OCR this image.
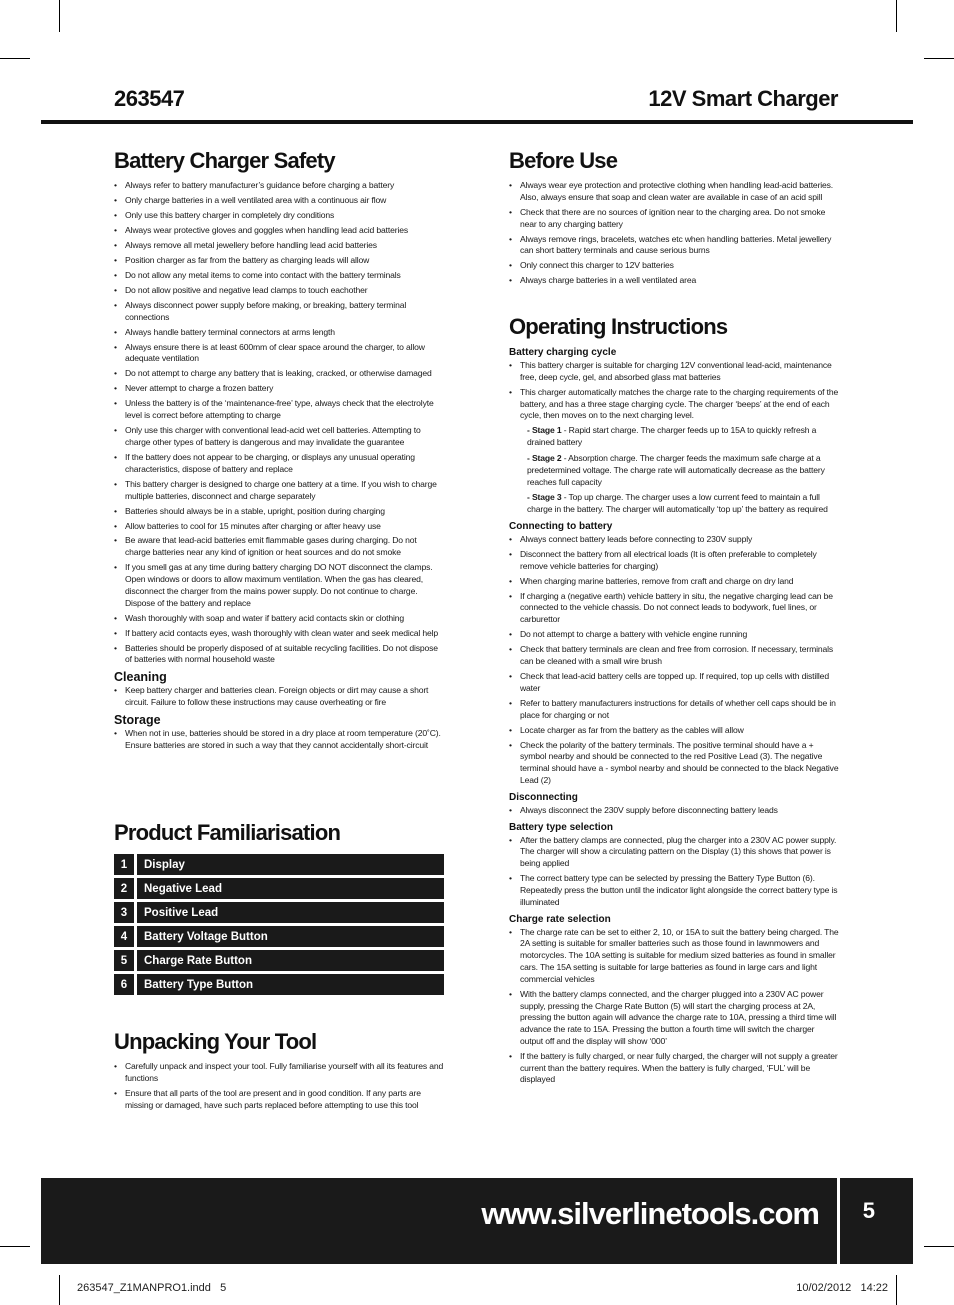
263547	12V Smart Charger
Battery Charger Safety
• Always refer to battery manufacturer’s guidance before charging a battery
• Only charge batteries in a well ventilated area with a continuous air flow
• Only use this battery charger in completely dry conditions
• Always wear protective gloves and goggles when handling lead acid batteries
• Always remove all metal jewellery before handling lead acid batteries
• Position charger as far from the battery as charging leads will allow
• Do not allow any metal items to come into contact with the battery terminals
• Do not allow positive and negative lead clamps to touch eachother
• Always disconnect power supply before making, or breaking, battery terminal connections
• Always handle battery terminal connectors at arms length
• Always ensure there is at least 600mm of clear space around the charger, to allow adequate ventilation
• Do not attempt to charge any battery that is leaking, cracked, or otherwise damaged
• Never attempt to charge a frozen battery
• Unless the battery is of the ‘maintenance-free’ type, always check that the electrolyte level is correct before attempting to charge
• Only use this charger with conventional lead-acid wet cell batteries. Attempting to charge other types of battery is dangerous and may invalidate the guarantee
• If the battery does not appear to be charging, or displays any unusual operating characteristics, dispose of battery and replace
• This battery charger is designed to charge one battery at a time. If you wish to charge multiple batteries, disconnect and charge separately
• Batteries should always be in a stable, upright, position during charging
• Allow batteries to cool for 15 minutes after charging or after heavy use
• Be aware that lead-acid batteries emit flammable gases during charging. Do not charge batteries near any kind of ignition or heat sources and do not smoke
• If you smell gas at any time during battery charging DO NOT disconnect the clamps. Open windows or doors to allow maximum ventilation. When the gas has cleared, disconnect the charger from the mains power supply. Do not continue to charge. Dispose of the battery and replace
• Wash thoroughly with soap and water if battery acid contacts skin or clothing
• If battery acid contacts eyes, wash thoroughly with clean water and seek medical help
• Batteries should be properly disposed of at suitable recycling facilities. Do not dispose of batteries with normal household waste
Cleaning
• Keep battery charger and batteries clean. Foreign objects or dirt may cause a short circuit. Failure to follow these instructions may cause overheating or fire
Storage
• When not in use, batteries should be stored in a dry place at room temperature (20˚C). Ensure batteries are stored in such a way that they cannot accidentally short-circuit
Product Familiarisation
1	Display
2	Negative Lead
3	Positive Lead
4	Battery Voltage Button
5	Charge Rate Button
6	Battery Type Button
Unpacking Your Tool
• Carefully unpack and inspect your tool. Fully familiarise yourself with all its features and functions
• Ensure that all parts of the tool are present and in good condition. If any parts are missing or damaged, have such parts replaced before attempting to use this tool
Before Use
• Always wear eye protection and protective clothing when handling lead-acid batteries. Also, always ensure that soap and clean water are available in case of an acid spill
• Check that there are no sources of ignition near to the charging area. Do not smoke near to any charging battery
• Always remove rings, bracelets, watches etc when handling batteries. Metal jewellery can short battery terminals and cause serious burns
• Only connect this charger to 12V batteries
• Always charge batteries in a well ventilated area
Operating Instructions
Battery charging cycle
• This battery charger is suitable for charging 12V conventional lead-acid, maintenance free, deep cycle, gel, and absorbed glass mat batteries
• This charger automatically matches the charge rate to the charging requirements of the battery, and has a three stage charging cycle. The charger ‘beeps’ at the end of each cycle, then moves on to the next charging level.
- Stage 1 - Rapid start charge. The charger feeds up to 15A to quickly refresh a drained battery
- Stage 2 - Absorption charge. The charger feeds the maximum safe charge at a predetermined voltage. The charge rate will automatically decrease as the battery reaches full capacity
- Stage 3 - Top up charge. The charger uses a low current feed to maintain a full charge in the battery. The charger will automatically ‘top up’ the battery as required
Connecting to battery
• Always connect battery leads before connecting to 230V supply
• Disconnect the battery from all electrical loads (It is often preferable to completely remove vehicle batteries for charging)
• When charging marine batteries, remove from craft and charge on dry land
• If charging a (negative earth) vehicle battery in situ, the negative charging lead can be connected to the vehicle chassis. Do not connect leads to bodywork, fuel lines, or carburettor
• Do not attempt to charge a battery with vehicle engine running
• Check that battery terminals are clean and free from corrosion. If necessary, terminals can be cleaned with a small wire brush
• Check that lead-acid battery cells are topped up. If required, top up cells with distilled water
• Refer to battery manufacturers instructions for details of whether cell caps should be in place for charging or not
• Locate charger as far from the battery as the cables will allow
• Check the polarity of the battery terminals. The positive terminal should have a + symbol nearby and should be connected to the red Positive Lead (3). The negative terminal should have a - symbol nearby and should be connected to the black Negative Lead (2)
Disconnecting
• Always disconnect the 230V supply before disconnecting battery leads
Battery type selection
• After the battery clamps are connected, plug the charger into a 230V AC power supply. The charger will show a circulating pattern on the Display (1) this shows that power is being applied
• The correct battery type can be selected by pressing the Battery Type Button (6). Repeatedly press the button until the indicator light alongside the correct battery type is illuminated
Charge rate selection
• The charge rate can be set to either 2, 10, or 15A to suit the battery being charged. The 2A setting is suitable for smaller batteries such as those found in lawnmowers and motorcycles. The 10A setting is suitable for medium sized batteries as found in smaller cars. The 15A setting is suitable for large batteries as found in large cars and light commercial vehicles
• With the battery clamps connected, and the charger plugged into a 230V AC power supply, pressing the Charge Rate Button (5) will start the charging process at 2A, pressing the button again will advance the charge rate to 10A, pressing a third time will advance the rate to 15A. Pressing the button a fourth time will switch the charger output off and the display will show ‘000’
• If the battery is fully charged, or near fully charged, the charger will not supply a greater current than the battery requires. When the battery is fully charged, ‘FUL’ will be displayed
www.silverlinetools.com 5
263547_Z1MANPRO1.indd   5	10/02/2012   14:22
